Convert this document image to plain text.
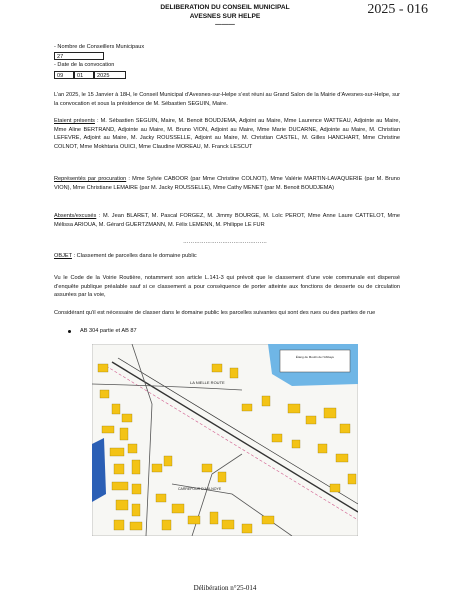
DELIBERATION DU CONSEIL MUNICIPAL
AVESNES SUR HELPE
———
2025 - 016
- Nombre de Conseillers Municipaux
27
- Date de la convocation
09	01	2025
L’an 2025, le 15 Janvier à 18H, le Conseil Municipal d’Avesnes-sur-Helpe s’est réuni au Grand Salon de la Mairie d’Avesnes-sur-Helpe, sur la convocation et sous la présidence de M. Sébastien SEGUIN, Maire.
Etaient présents : M. Sébastien SEGUIN, Maire, M. Benoit BOUDJEMA, Adjoint au Maire, Mme Laurence WATTEAU, Adjointe au Maire, Mme Aline BERTRAND, Adjointe au Maire, M. Bruno VION, Adjoint au Maire, Mme Marie DUCARNE, Adjointe au Maire, M. Christian LEFEVRE, Adjoint au Maire, M. Jacky ROUSSELLE, Adjoint au Maire, M. Christian CASTEL, M. Gilles HANCHART, Mme Christine COLNOT, Mme Mokhtaria OUICI, Mme Claudine MOREAU, M. Franck LESCUT
Représentés par procuration : Mme Sylvie CABOOR (par Mme Christine COLNOT), Mme Valérie MARTIN-LAVAQUERIE (par M. Bruno VION), Mme Christiane LEMAIRE (par M. Jacky ROUSSELLE), Mme Cathy MENET (par M. Benoit BOUDJEMA)
Absents/excusés : M. Jean BLARET, M. Pascal FORGEZ, M. Jimmy BOURGE, M. Loïc PEROT, Mme Anne Laure CATTELOT, Mme Mélissa ARIOUA, M. Gérard GUERTZMANN, M. Félix LEMENN, M. Philippe LE FUR
………………………………………
OBJET : Classement de parcelles dans le domaine public
Vu le Code de la Voirie Routière, notamment son article L.141-3 qui prévoit que le classement d’une voie communale est dispensé d’enquête publique préalable sauf si ce classement a pour conséquence de porter atteinte aux fonctions de desserte ou de circulation assurées par la voie,
Considérant qu’il est nécessaire de classer dans le domaine public les parcelles suivantes qui sont des rues ou des parties de rue
AB 304 partie et AB 87
Étang de Moulin de l’Abbaye
LA NIELLE ROUTE
CARREFOUR D’AULNOYE
Délibération n°25-014
